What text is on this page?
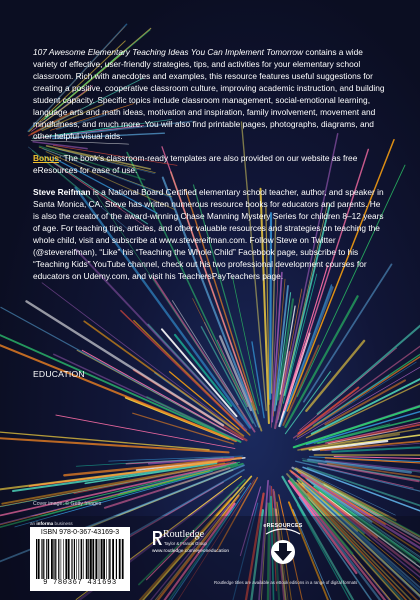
107 Awesome Elementary Teaching Ideas You Can Implement Tomorrow contains a wide variety of effective, user-friendly strategies, tips, and activities for your elementary school classroom. Rich with anecdotes and examples, this resource features useful suggestions for creating a positive, cooperative classroom culture, improving academic instruction, and building student capacity. Specific topics include classroom management, social-emotional learning, language arts and math ideas, motivation and inspiration, family involvement, movement and mindfulness, and much more. You will also find printable pages, photographs, diagrams, and other helpful visual aids.

Bonus: The book’s classroom-ready templates are also provided on our website as free eResources for ease of use.

Steve Reifman is a National Board Certified elementary school teacher, author, and speaker in Santa Monica, CA. Steve has written numerous resource books for educators and parents. He is also the creator of the award-winning Chase Manning Mystery Series for children 8–12 years of age. For teaching tips, articles, and other valuable resources and strategies on teaching the whole child, visit and subscribe at www.stevereifman.com. Follow Steve on Twitter (@stevereifman), “Like” his “Teaching the Whole Child” Facebook page, subscribe to his “Teaching Kids” YouTube channel, check out his two professional development courses for educators on Udemy.com, and visit his TeachersPayTeachers page.

EDUCATION
Cover image: © Getty Images
an informa business
ISBN 978-0-367-43169-3
9 780367 431693
Routledge
Taylor & Francis Group
www.routledge.com/eyeoneducation
eRESOURCES
Routledge titles are available as eBook editions in a range of digital formats
